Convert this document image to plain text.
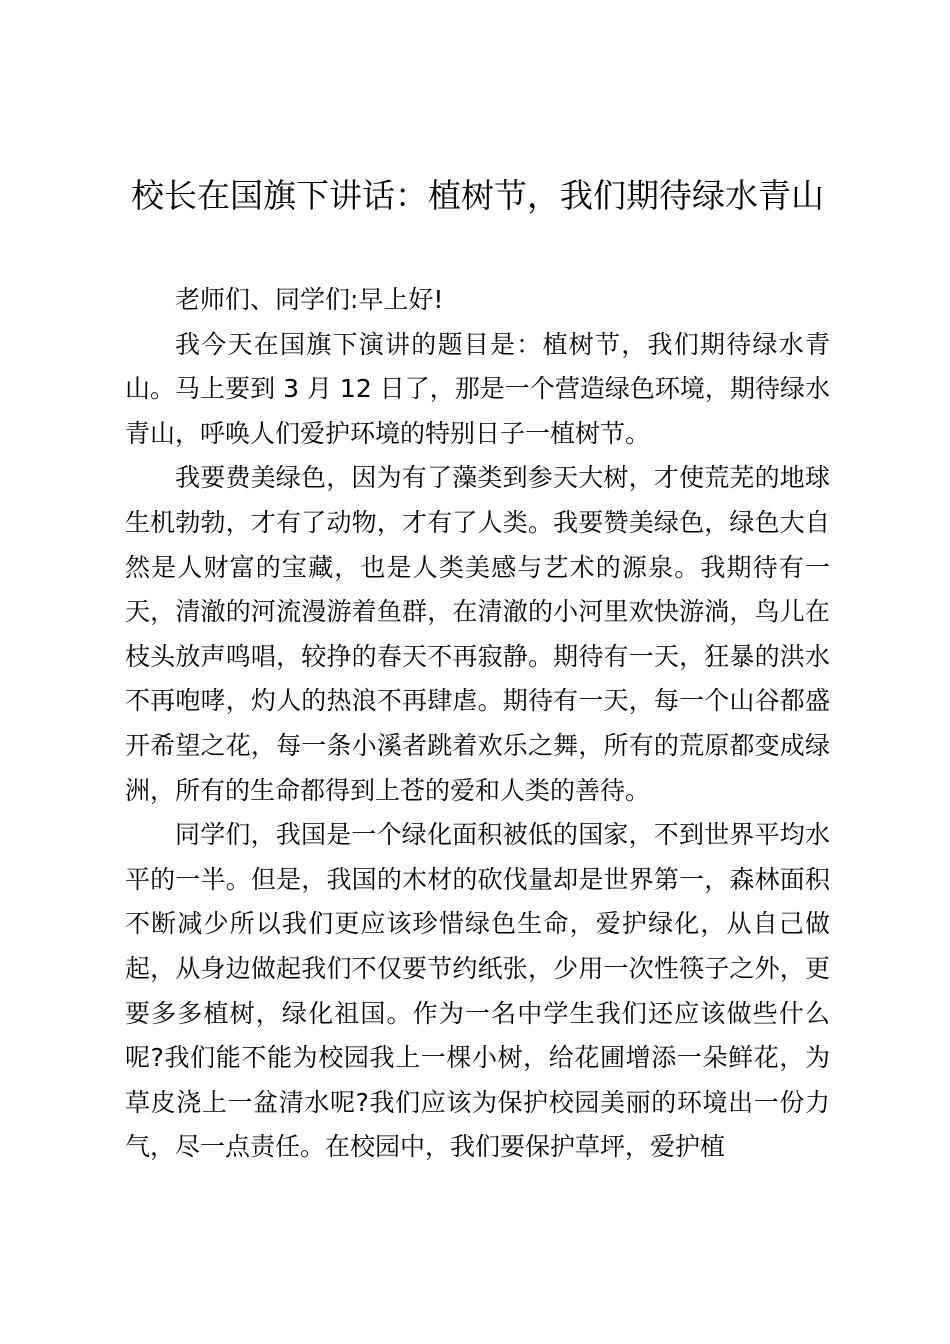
校长在国旗下讲话：植树节，我们期待绿水青山

老师们、同学们:早上好!

我今天在国旗下演讲的题目是：植树节，我们期待绿水青山。马上要到 3 月 12 日了，那是一个营造绿色环境，期待绿水青山，呼唤人们爱护环境的特别日子一植树节。

我要费美绿色，因为有了藻类到参天大树，才使荒芜的地球生机勃勃，才有了动物，才有了人类。我要赞美绿色，绿色大自然是人财富的宝藏，也是人类美感与艺术的源泉。我期待有一天，清澈的河流漫游着鱼群，在清澈的小河里欢快游淌，鸟儿在枝头放声鸣唱，较挣的春天不再寂静。期待有一天，狂暴的洪水不再咆哮，灼人的热浪不再肆虐。期待有一天，每一个山谷都盛开希望之花，每一条小溪者跳着欢乐之舞，所有的荒原都变成绿洲，所有的生命都得到上苍的爱和人类的善待。

同学们，我国是一个绿化面积被低的国家，不到世界平均水平的一半。但是，我国的木材的砍伐量却是世界第一，森林面积不断减少所以我们更应该珍惜绿色生命，爱护绿化，从自己做起，从身边做起我们不仅要节约纸张，少用一次性筷子之外，更要多多植树，绿化祖国。作为一名中学生我们还应该做些什么呢?我们能不能为校园我上一棵小树，给花圃增添一朵鲜花，为草皮浇上一盆清水呢?我们应该为保护校园美丽的环境出一份力气，尽一点责任。在校园中，我们要保护草坪，爱护植
